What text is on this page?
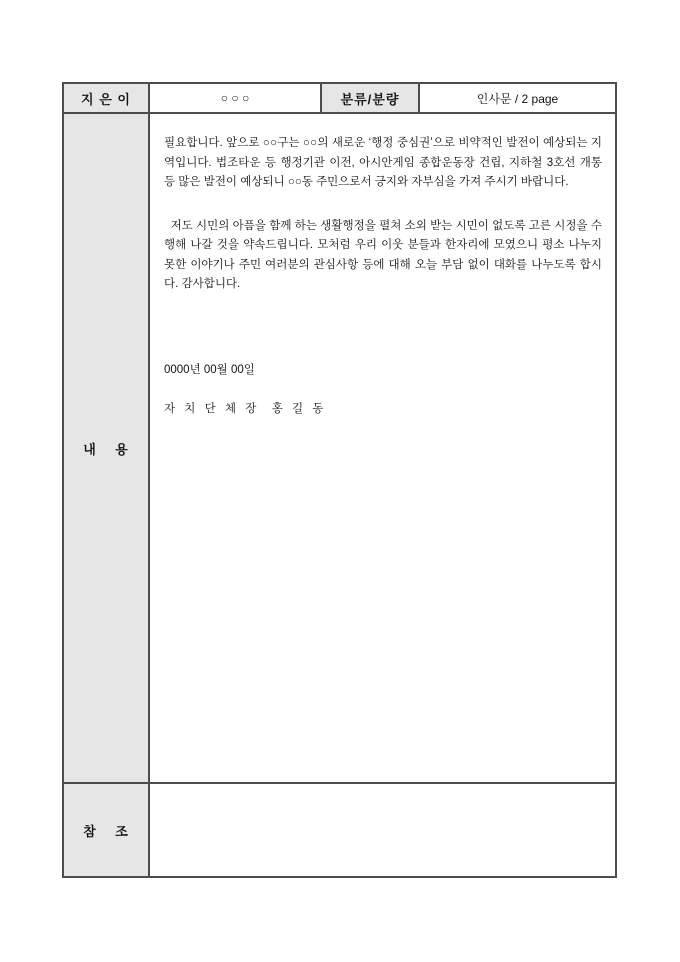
지 은 이	○ ○ ○	분류/분량	인사문 / 2 page
내    용

필요합니다. 앞으로 ○○구는 ○○의 새로운 ‘행정 중심권’으로 비약적인 발전이 예상되는 지역입니다. 법조타운 등 행정기관 이전, 아시안게임 종합운동장 건립, 지하철 3호선 개통 등 많은 발전이 예상되니 ○○동 주민으로서 긍지와 자부심을 가져 주시기 바랍니다.

저도 시민의 아픔을 함께 하는 생활행정을 펼쳐 소외 받는 시민이 없도록 고른 시정을 수행해 나갈 것을 약속드립니다. 모처럼 우리 이웃 분들과 한자리에 모였으니 평소 나누지 못한 이야기나 주민 여러분의 관심사항 등에 대해 오늘 부담 없이 대화를 나누도록 합시다. 감사합니다.

0000년 00월 00일

자 치 단 체 장  홍 길 동

참    조
